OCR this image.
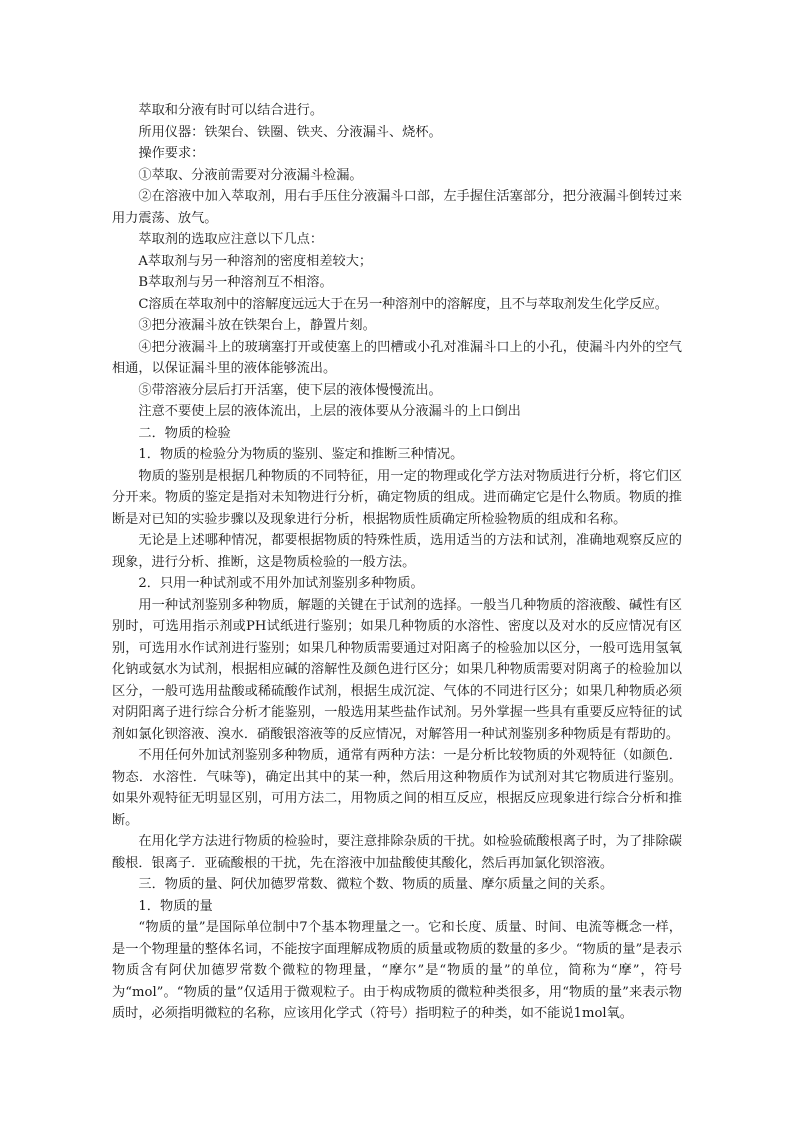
萃取和分液有时可以结合进行。

所用仪器：铁架台、铁圈、铁夹、分液漏斗、烧杯。

操作要求：

①萃取、分液前需要对分液漏斗检漏。

②在溶液中加入萃取剂，用右手压住分液漏斗口部，左手握住活塞部分，把分液漏斗倒转过来用力震荡、放气。

萃取剂的选取应注意以下几点：

A萃取剂与另一种溶剂的密度相差较大；

B萃取剂与另一种溶剂互不相溶。

C溶质在萃取剂中的溶解度远远大于在另一种溶剂中的溶解度，且不与萃取剂发生化学反应。

③把分液漏斗放在铁架台上，静置片刻。

④把分液漏斗上的玻璃塞打开或使塞上的凹槽或小孔对准漏斗口上的小孔，使漏斗内外的空气相通，以保证漏斗里的液体能够流出。

⑤带溶液分层后打开活塞，使下层的液体慢慢流出。

注意不要使上层的液体流出，上层的液体要从分液漏斗的上口倒出

二．物质的检验

1．物质的检验分为物质的鉴别、鉴定和推断三种情况。

物质的鉴别是根据几种物质的不同特征，用一定的物理或化学方法对物质进行分析，将它们区分开来。物质的鉴定是指对未知物进行分析，确定物质的组成。进而确定它是什么物质。物质的推断是对已知的实验步骤以及现象进行分析，根据物质性质确定所检验物质的组成和名称。

无论是上述哪种情况，都要根据物质的特殊性质，选用适当的方法和试剂，准确地观察反应的现象，进行分析、推断，这是物质检验的一般方法。

2．只用一种试剂或不用外加试剂鉴别多种物质。

用一种试剂鉴别多种物质，解题的关键在于试剂的选择。一般当几种物质的溶液酸、碱性有区别时，可选用指示剂或PH试纸进行鉴别；如果几种物质的水溶性、密度以及对水的反应情况有区别，可选用水作试剂进行鉴别；如果几种物质需要通过对阳离子的检验加以区分，一般可选用氢氧化钠或氨水为试剂，根据相应碱的溶解性及颜色进行区分；如果几种物质需要对阴离子的检验加以区分，一般可选用盐酸或稀硫酸作试剂，根据生成沉淀、气体的不同进行区分；如果几种物质必须对阴阳离子进行综合分析才能鉴别，一般选用某些盐作试剂。另外掌握一些具有重要反应特征的试剂如氯化钡溶液、溴水．硝酸银溶液等的反应情况，对解答用一种试剂鉴别多种物质是有帮助的。

不用任何外加试剂鉴别多种物质，通常有两种方法：一是分析比较物质的外观特征（如颜色．物态．水溶性．气味等)，确定出其中的某一种，然后用这种物质作为试剂对其它物质进行鉴别。如果外观特征无明显区别，可用方法二，用物质之间的相互反应，根据反应现象进行综合分析和推断。

在用化学方法进行物质的检验时，要注意排除杂质的干扰。如检验硫酸根离子时，为了排除碳酸根．银离子．亚硫酸根的干扰，先在溶液中加盐酸使其酸化，然后再加氯化钡溶液。

三．物质的量、阿伏加德罗常数、微粒个数、物质的质量、摩尔质量之间的关系。

1．物质的量

“物质的量”是国际单位制中7个基本物理量之一。它和长度、质量、时间、电流等概念一样，是一个物理量的整体名词，不能按字面理解成物质的质量或物质的数量的多少。“物质的量”是表示物质含有阿伏加德罗常数个微粒的物理量，“摩尔”是“物质的量”的单位，简称为“摩”，符号为“mol”。“物质的量”仅适用于微观粒子。由于构成物质的微粒种类很多，用“物质的量”来表示物质时，必须指明微粒的名称，应该用化学式（符号）指明粒子的种类，如不能说1mol氧。
